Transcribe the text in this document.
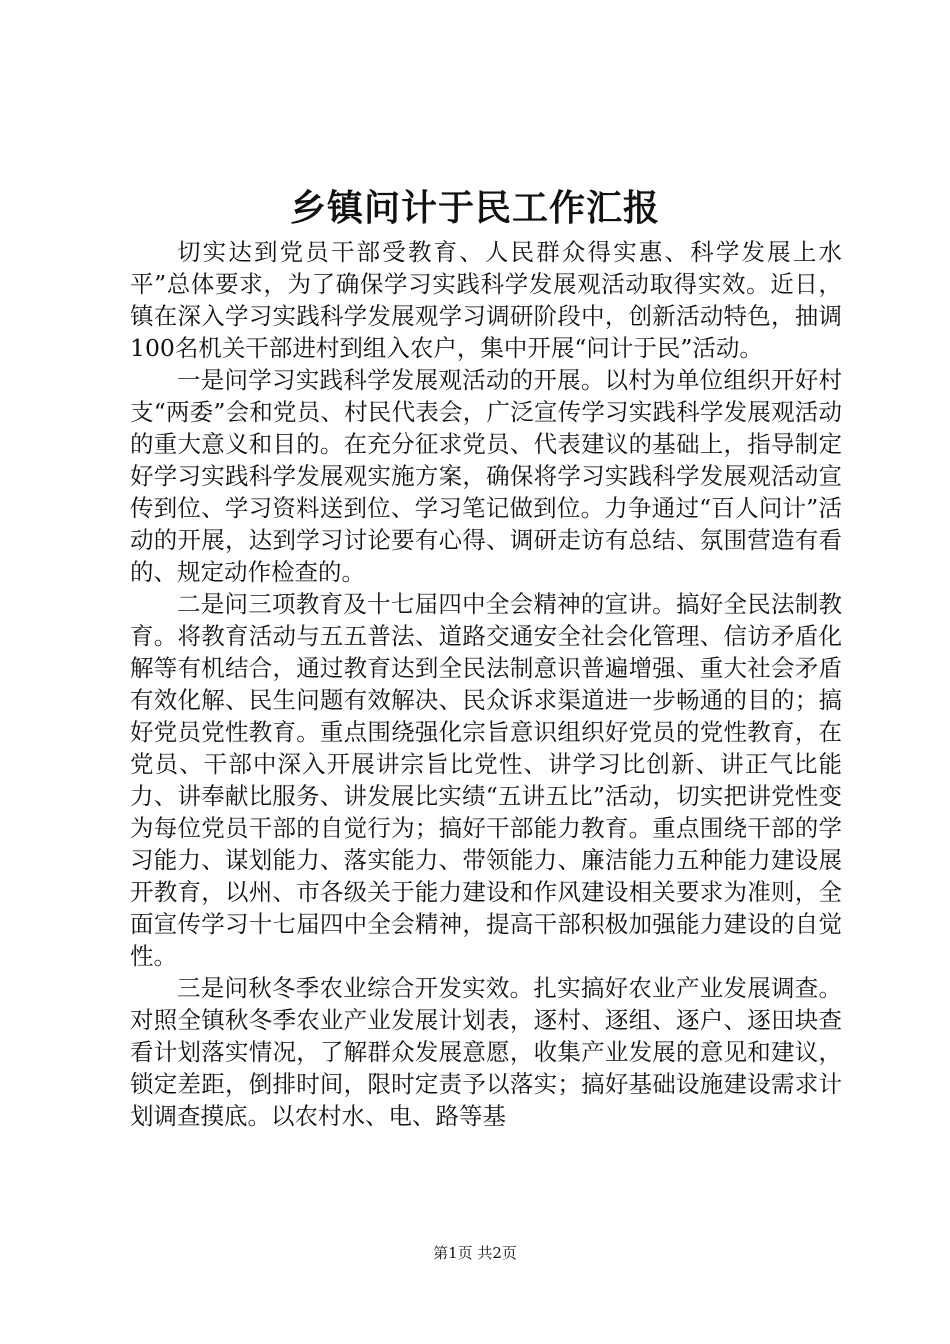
乡镇问计于民工作汇报

切实达到党员干部受教育、人民群众得实惠、科学发展上水平”总体要求，为了确保学习实践科学发展观活动取得实效。近日，镇在深入学习实践科学发展观学习调研阶段中，创新活动特色，抽调100名机关干部进村到组入农户，集中开展“问计于民”活动。

一是问学习实践科学发展观活动的开展。以村为单位组织开好村支“两委”会和党员、村民代表会，广泛宣传学习实践科学发展观活动的重大意义和目的。在充分征求党员、代表建议的基础上，指导制定好学习实践科学发展观实施方案，确保将学习实践科学发展观活动宣传到位、学习资料送到位、学习笔记做到位。力争通过“百人问计”活动的开展，达到学习讨论要有心得、调研走访有总结、氛围营造有看的、规定动作检查的。

二是问三项教育及十七届四中全会精神的宣讲。搞好全民法制教育。将教育活动与五五普法、道路交通安全社会化管理、信访矛盾化解等有机结合，通过教育达到全民法制意识普遍增强、重大社会矛盾有效化解、民生问题有效解决、民众诉求渠道进一步畅通的目的；搞好党员党性教育。重点围绕强化宗旨意识组织好党员的党性教育，在党员、干部中深入开展讲宗旨比党性、讲学习比创新、讲正气比能力、讲奉献比服务、讲发展比实绩“五讲五比”活动，切实把讲党性变为每位党员干部的自觉行为；搞好干部能力教育。重点围绕干部的学习能力、谋划能力、落实能力、带领能力、廉洁能力五种能力建设展开教育，以州、市各级关于能力建设和作风建设相关要求为准则，全面宣传学习十七届四中全会精神，提高干部积极加强能力建设的自觉性。

三是问秋冬季农业综合开发实效。扎实搞好农业产业发展调查。对照全镇秋冬季农业产业发展计划表，逐村、逐组、逐户、逐田块查看计划落实情况，了解群众发展意愿，收集产业发展的意见和建议，锁定差距，倒排时间，限时定责予以落实；搞好基础设施建设需求计划调查摸底。以农村水、电、路等基

第1页 共2页
